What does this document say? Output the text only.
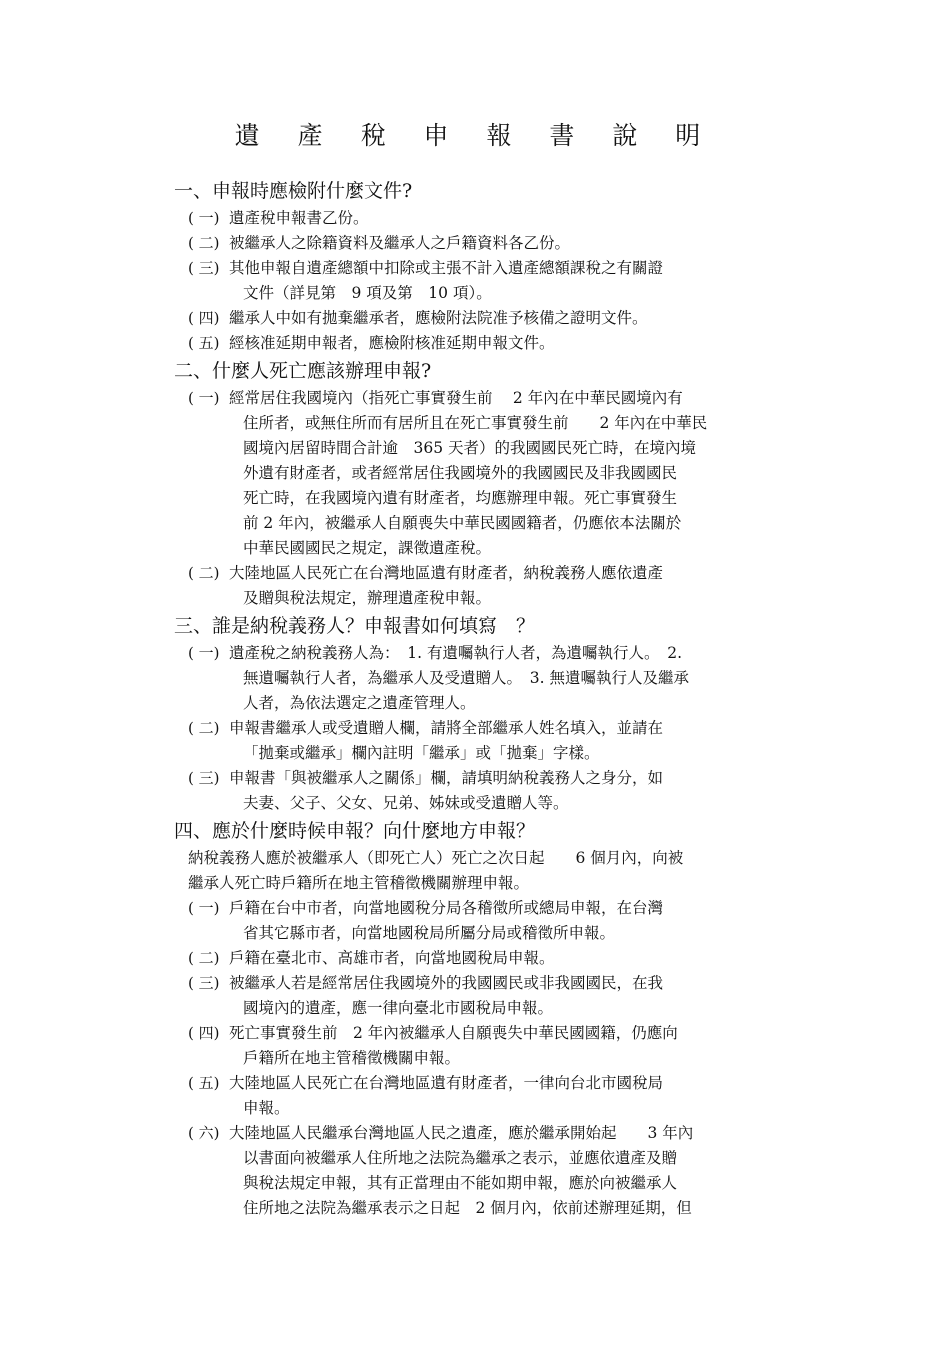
遺 產 稅 申 報 書 說 明
一、申報時應檢附什麼文件?
( 一) 遺產稅申報書乙份。
( 二) 被繼承人之除籍資料及繼承人之戶籍資料各乙份。
( 三) 其他申報自遺產總額中扣除或主張不計入遺產總額課稅之有關證
文件（詳見第　9 項及第　10 項）。
( 四) 繼承人中如有拋棄繼承者，應檢附法院准予核備之證明文件。
( 五) 經核准延期申報者，應檢附核准延期申報文件。
二、什麼人死亡應該辦理申報?
( 一) 經常居住我國境內（指死亡事實發生前　 2 年內在中華民國境內有
住所者，或無住所而有居所且在死亡事實發生前　　2 年內在中華民
國境內居留時間合計逾　365 天者）的我國國民死亡時，在境內境
外遺有財產者，或者經常居住我國境外的我國國民及非我國國民
死亡時，在我國境內遺有財產者，均應辦理申報。死亡事實發生
前 2 年內，被繼承人自願喪失中華民國國籍者，仍應依本法關於
中華民國國民之規定，課徵遺產稅。
( 二) 大陸地區人民死亡在台灣地區遺有財產者，納稅義務人應依遺產
及贈與稅法規定，辦理遺產稅申報。
三、誰是納稅義務人？申報書如何填寫　？
( 一) 遺產稅之納稅義務人為：　1. 有遺囑執行人者，為遺囑執行人。　2.
無遺囑執行人者，為繼承人及受遺贈人。　3. 無遺囑執行人及繼承
人者，為依法選定之遺產管理人。
( 二) 申報書繼承人或受遺贈人欄，請將全部繼承人姓名填入，並請在
「拋棄或繼承」欄內註明「繼承」或「拋棄」字樣。
( 三) 申報書「與被繼承人之關係」欄，請填明納稅義務人之身分，如
夫妻、父子、父女、兄弟、姊妹或受遺贈人等。
四、應於什麼時候申報？向什麼地方申報？
納稅義務人應於被繼承人（即死亡人）死亡之次日起　　6 個月內，向被
繼承人死亡時戶籍所在地主管稽徵機關辦理申報。
( 一) 戶籍在台中市者，向當地國稅分局各稽徵所或總局申報，在台灣
省其它縣市者，向當地國稅局所屬分局或稽徵所申報。
( 二) 戶籍在臺北市、高雄市者，向當地國稅局申報。
( 三) 被繼承人若是經常居住我國境外的我國國民或非我國國民，在我
國境內的遺產，應一律向臺北市國稅局申報。
( 四) 死亡事實發生前　2 年內被繼承人自願喪失中華民國國籍，仍應向
戶籍所在地主管稽徵機關申報。
( 五) 大陸地區人民死亡在台灣地區遺有財產者，一律向台北市國稅局
申報。
( 六) 大陸地區人民繼承台灣地區人民之遺產，應於繼承開始起　　3 年內
以書面向被繼承人住所地之法院為繼承之表示，並應依遺產及贈
與稅法規定申報，其有正當理由不能如期申報，應於向被繼承人
住所地之法院為繼承表示之日起　2 個月內，依前述辦理延期，但
